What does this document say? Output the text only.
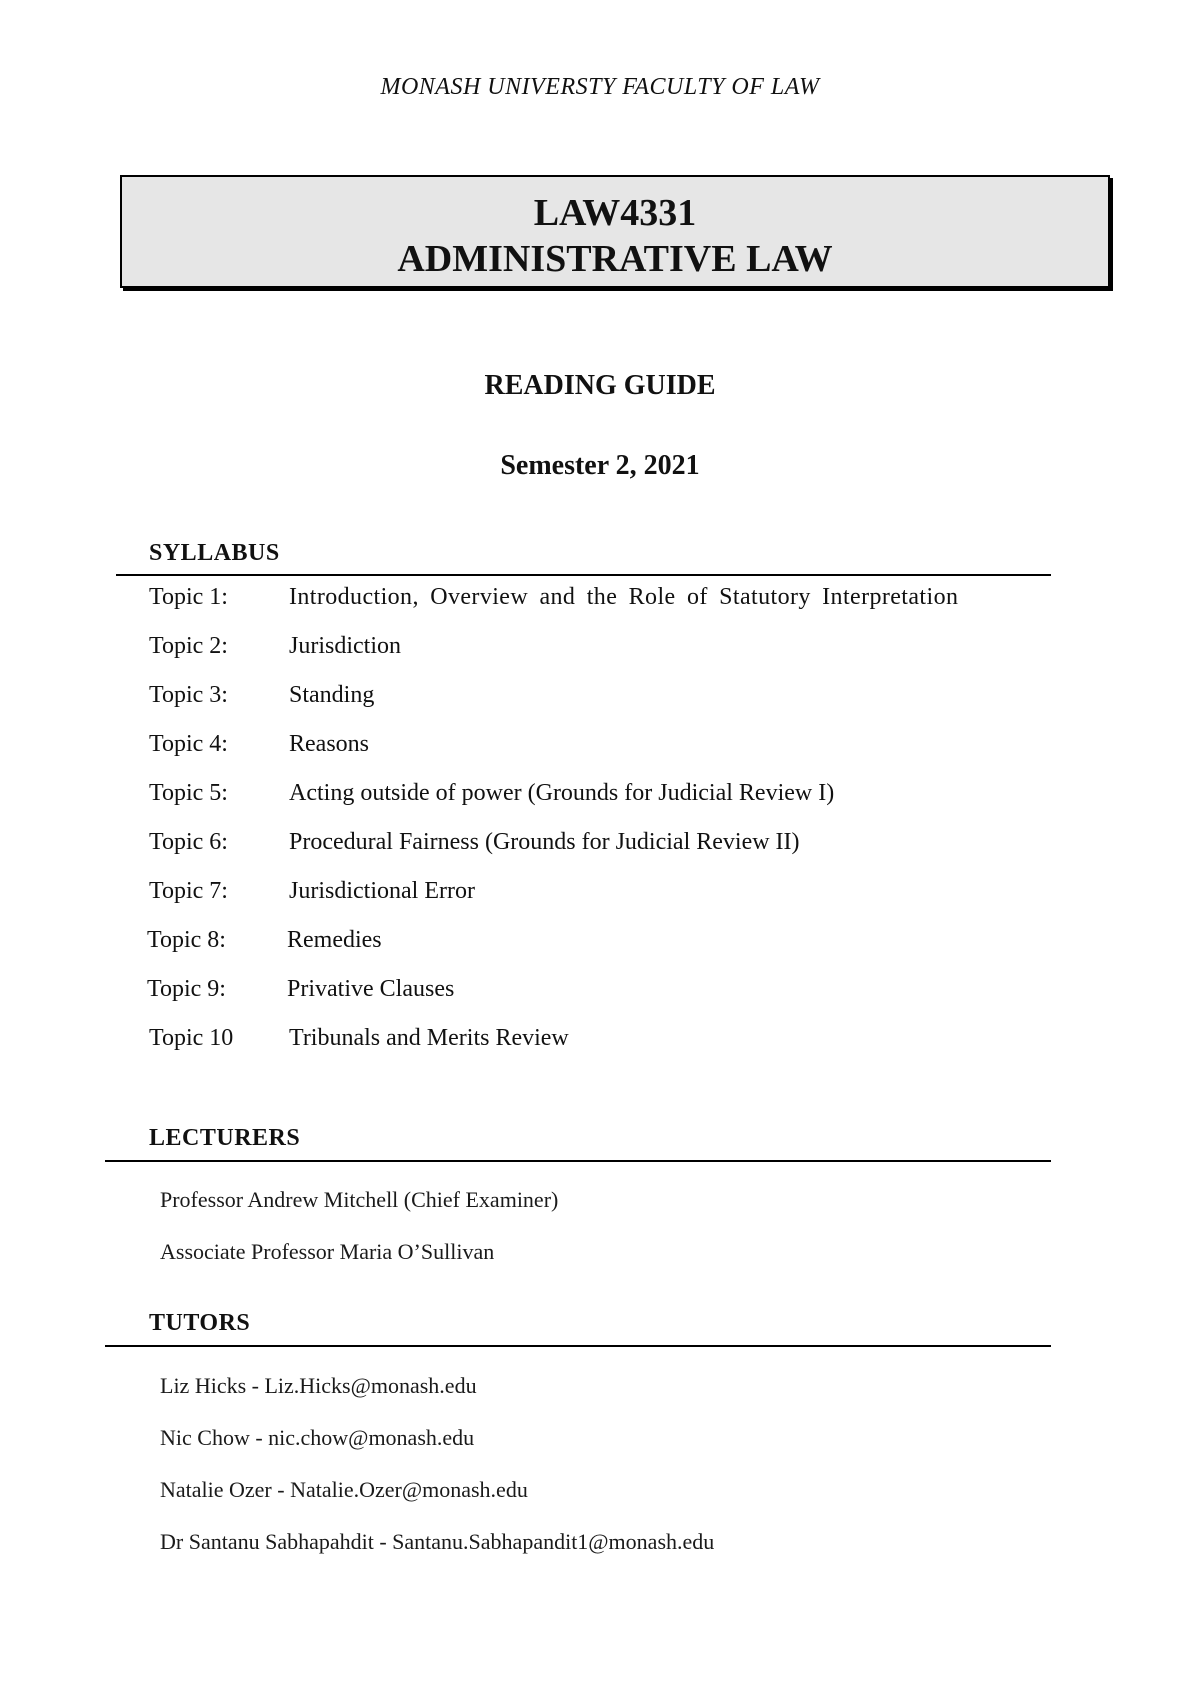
MONASH UNIVERSTY FACULTY OF LAW
LAW4331
ADMINISTRATIVE LAW
READING GUIDE
Semester 2, 2021
SYLLABUS
Topic 1:	Introduction, Overview and the Role of Statutory Interpretation
Topic 2:	Jurisdiction
Topic 3:	Standing
Topic 4:	Reasons
Topic 5:	Acting outside of power (Grounds for Judicial Review I)
Topic 6:	Procedural Fairness (Grounds for Judicial Review II)
Topic 7:	Jurisdictional Error
Topic 8:	Remedies
Topic 9:	Privative Clauses
Topic 10	Tribunals and Merits Review
LECTURERS
Professor Andrew Mitchell (Chief Examiner)
Associate Professor Maria O’Sullivan
TUTORS
Liz Hicks - Liz.Hicks@monash.edu
Nic Chow - nic.chow@monash.edu
Natalie Ozer - Natalie.Ozer@monash.edu
Dr Santanu Sabhapahdit - Santanu.Sabhapandit1@monash.edu
